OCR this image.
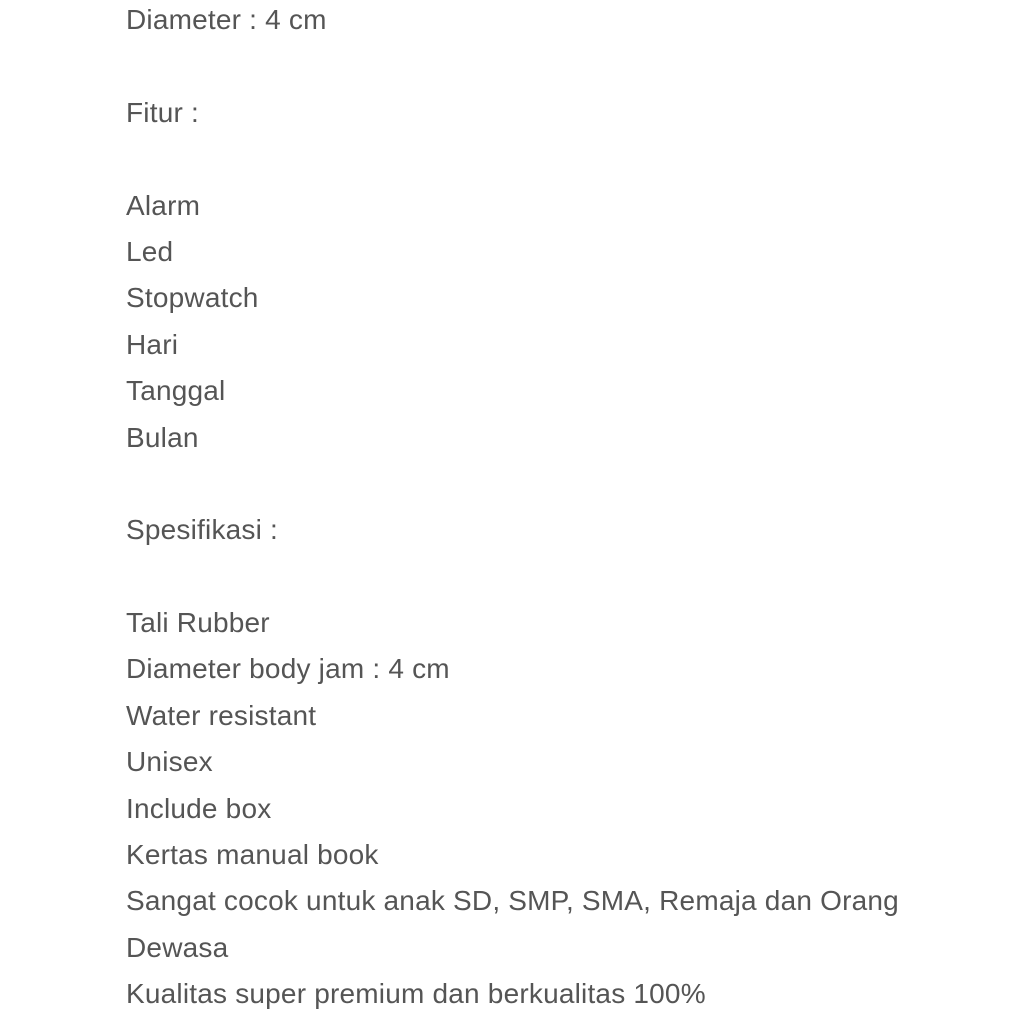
Diameter : 4 cm
Fitur :
Alarm
Led
Stopwatch
Hari
Tanggal
Bulan
Spesifikasi :
Tali Rubber
Diameter body jam : 4 cm
Water resistant
Unisex
Include box
Kertas manual book
Sangat cocok untuk anak SD, SMP, SMA, Remaja dan Orang
Dewasa
Kualitas super premium dan berkualitas 100%
